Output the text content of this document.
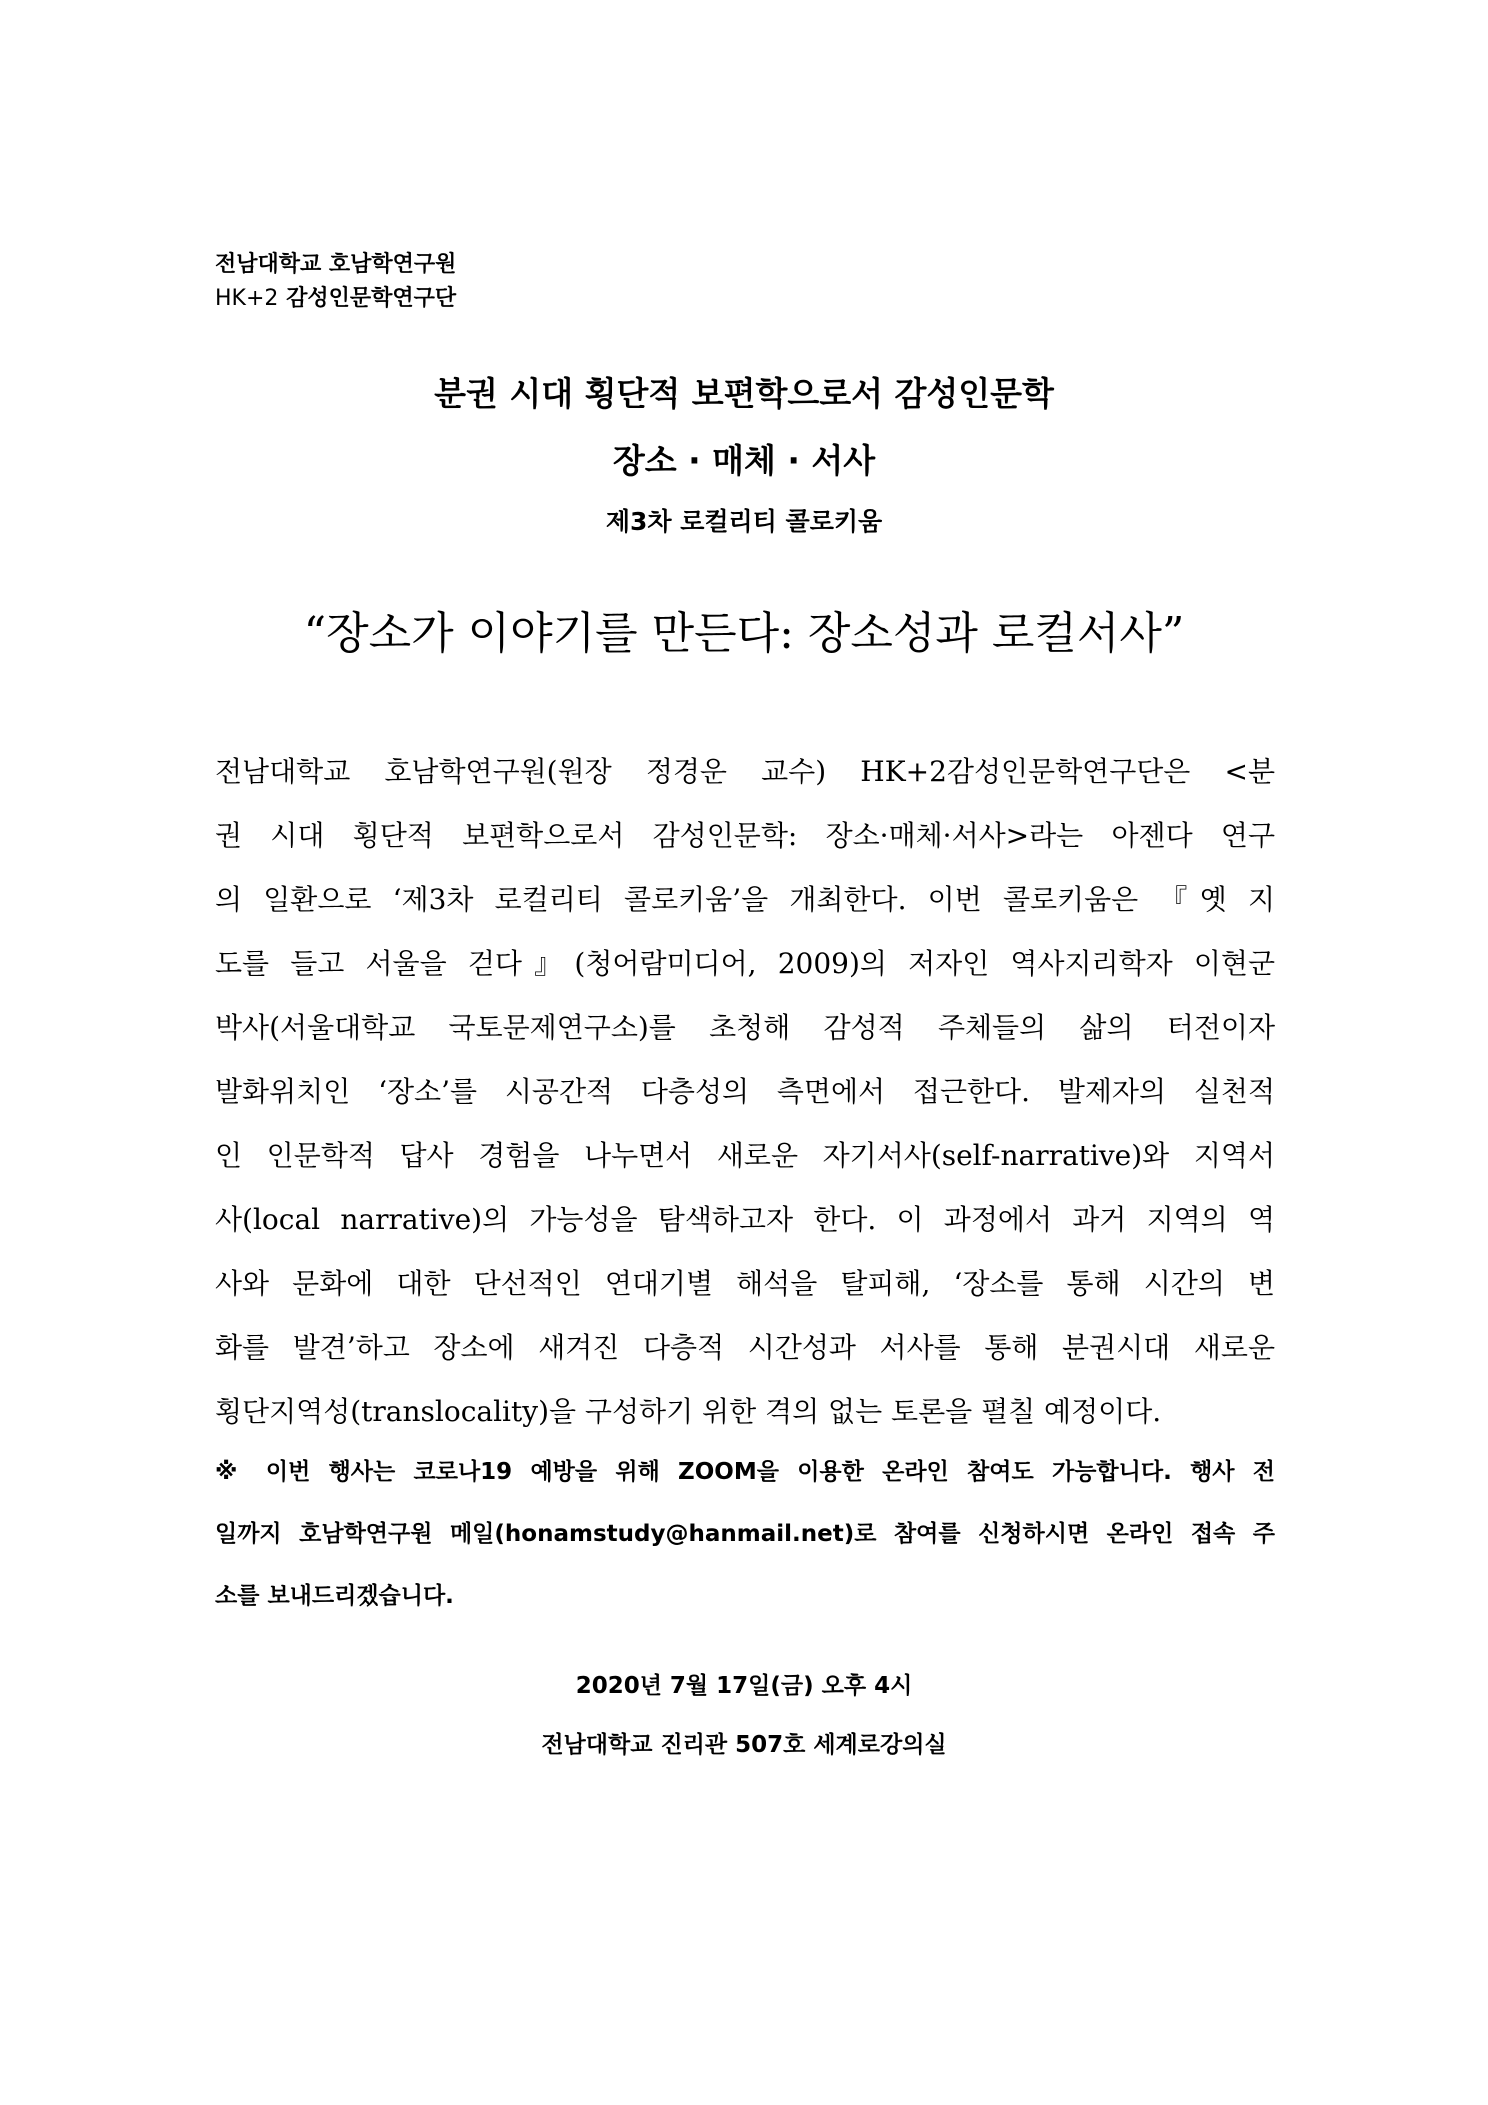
전남대학교 호남학연구원
HK+2 감성인문학연구단
분권 시대 횡단적 보편학으로서 감성인문학
장소 · 매체 · 서사
제3차 로컬리티 콜로키움
“장소가 이야기를 만든다: 장소성과 로컬서사”
전남대학교 호남학연구원(원장 정경운 교수) HK+2감성인문학연구단은 <분
권 시대 횡단적 보편학으로서 감성인문학: 장소·매체·서사>라는 아젠다 연구
의 일환으로 ‘제3차 로컬리티 콜로키움’을 개최한다. 이번 콜로키움은 『옛 지
도를 들고 서울을 걷다』(청어람미디어, 2009)의 저자인 역사지리학자 이현군
박사(서울대학교 국토문제연구소)를 초청해 감성적 주체들의 삶의 터전이자
발화위치인 ‘장소’를 시공간적 다층성의 측면에서 접근한다. 발제자의 실천적
인 인문학적 답사 경험을 나누면서 새로운 자기서사(self-narrative)와 지역서
사(local narrative)의 가능성을 탐색하고자 한다. 이 과정에서 과거 지역의 역
사와 문화에 대한 단선적인 연대기별 해석을 탈피해, ‘장소를 통해 시간의 변
화를 발견’하고 장소에 새겨진 다층적 시간성과 서사를 통해 분권시대 새로운
횡단지역성(translocality)을 구성하기 위한 격의 없는 토론을 펼칠 예정이다.
※ 이번 행사는 코로나19 예방을 위해 ZOOM을 이용한 온라인 참여도 가능합니다. 행사 전
일까지 호남학연구원 메일(honamstudy@hanmail.net)로 참여를 신청하시면 온라인 접속 주
소를 보내드리겠습니다.
2020년 7월 17일(금) 오후 4시
전남대학교 진리관 507호 세계로강의실
